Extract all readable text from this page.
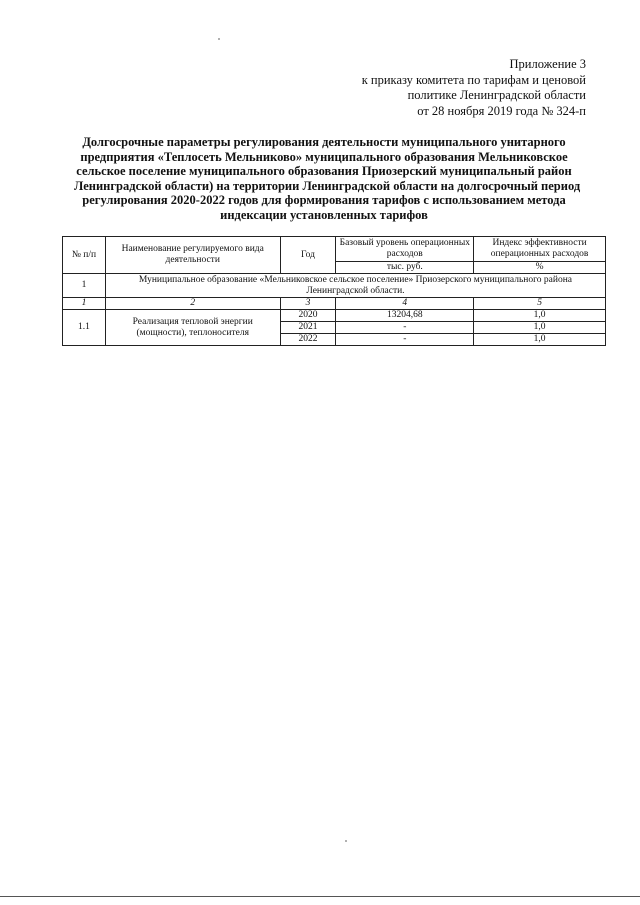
Приложение 3
к приказу комитета по тарифам и ценовой
политике Ленинградской области
от 28 ноября 2019 года № 324-п
Долгосрочные параметры регулирования деятельности муниципального унитарного
предприятия «Теплосеть Мельниково» муниципального образования Мельниковское
сельское поселение муниципального образования Приозерский муниципальный район
Ленинградской области) на территории Ленинградской области на долгосрочный период
регулирования 2020-2022 годов для формирования тарифов с использованием метода
индексации установленных тарифов
№ п/п	Наименование регулируемого вида деятельности	Год	Базовый уровень операционных расходов	Индекс эффективности операционных расходов
			тыс. руб.	%
1	Муниципальное образование «Мельниковское сельское поселение» Приозерского муниципального района Ленинградской области.			
1	2	3	4	5
1.1	Реализация тепловой энергии (мощности), теплоносителя	2020	13204,68	1,0
		2021	-	1,0
		2022	-	1,0
